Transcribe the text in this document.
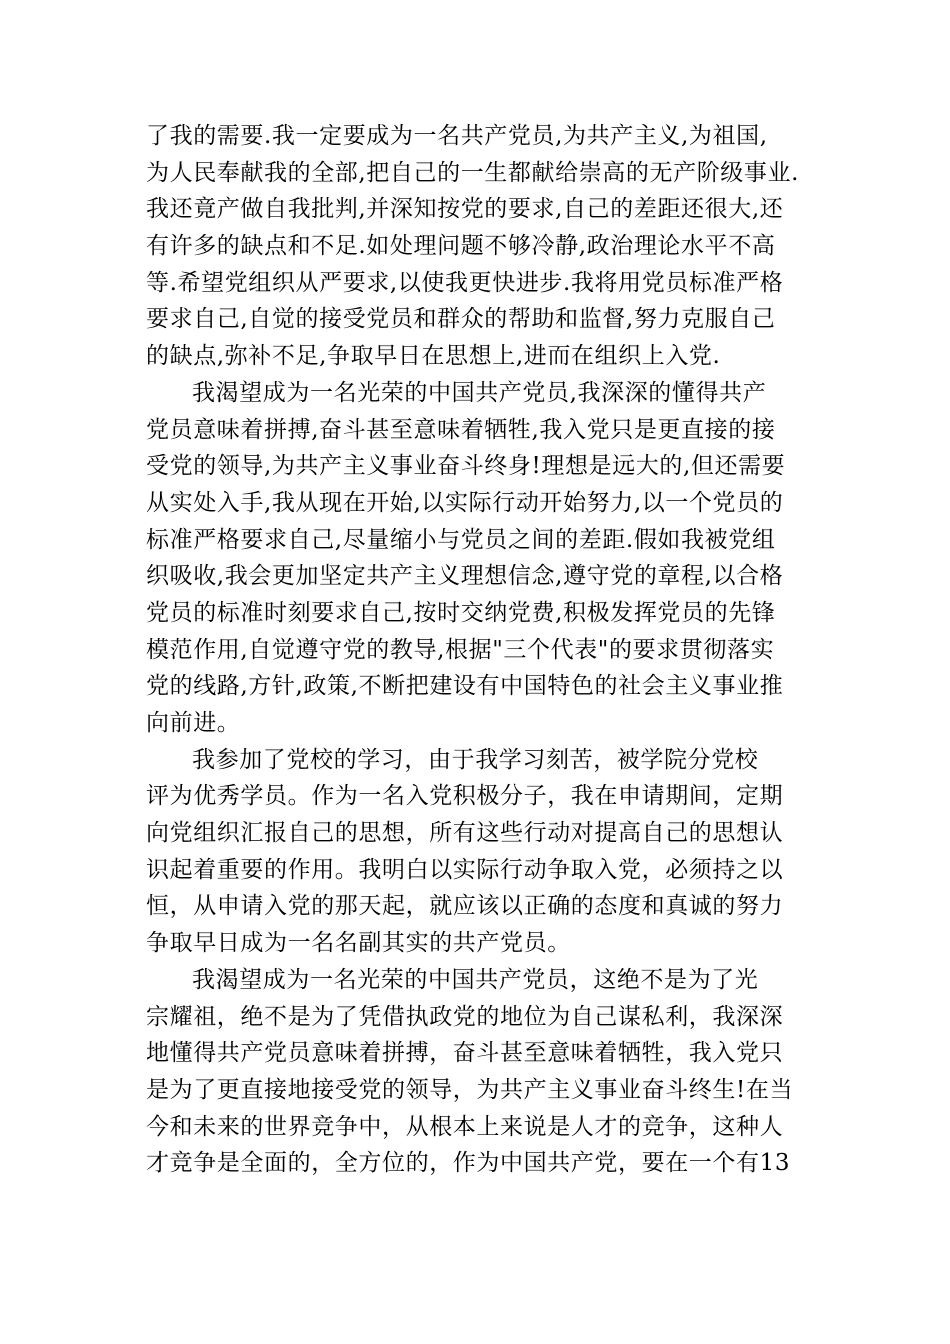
了我的需要.我一定要成为一名共产党员,为共产主义,为祖国,
为人民奉献我的全部,把自己的一生都献给崇高的无产阶级事业.
我还竟产做自我批判,并深知按党的要求,自己的差距还很大,还
有许多的缺点和不足.如处理问题不够冷静,政治理论水平不高
等.希望党组织从严要求,以使我更快进步.我将用党员标准严格
要求自己,自觉的接受党员和群众的帮助和监督,努力克服自己
的缺点,弥补不足,争取早日在思想上,进而在组织上入党.
我渴望成为一名光荣的中国共产党员,我深深的懂得共产
党员意味着拼搏,奋斗甚至意味着牺牲,我入党只是更直接的接
受党的领导,为共产主义事业奋斗终身!理想是远大的,但还需要
从实处入手,我从现在开始,以实际行动开始努力,以一个党员的
标准严格要求自己,尽量缩小与党员之间的差距.假如我被党组
织吸收,我会更加坚定共产主义理想信念,遵守党的章程,以合格
党员的标准时刻要求自己,按时交纳党费,积极发挥党员的先锋
模范作用,自觉遵守党的教导,根据"三个代表"的要求贯彻落实
党的线路,方针,政策,不断把建设有中国特色的社会主义事业推
向前进。
我参加了党校的学习，由于我学习刻苦，被学院分党校
评为优秀学员。作为一名入党积极分子，我在申请期间，定期
向党组织汇报自己的思想，所有这些行动对提高自己的思想认
识起着重要的作用。我明白以实际行动争取入党，必须持之以
恒，从申请入党的那天起，就应该以正确的态度和真诚的努力
争取早日成为一名名副其实的共产党员。
我渴望成为一名光荣的中国共产党员，这绝不是为了光
宗耀祖，绝不是为了凭借执政党的地位为自己谋私利，我深深
地懂得共产党员意味着拼搏，奋斗甚至意味着牺牲，我入党只
是为了更直接地接受党的领导，为共产主义事业奋斗终生!在当
今和未来的世界竞争中，从根本上来说是人才的竞争，这种人
才竞争是全面的，全方位的，作为中国共产党，要在一个有13
